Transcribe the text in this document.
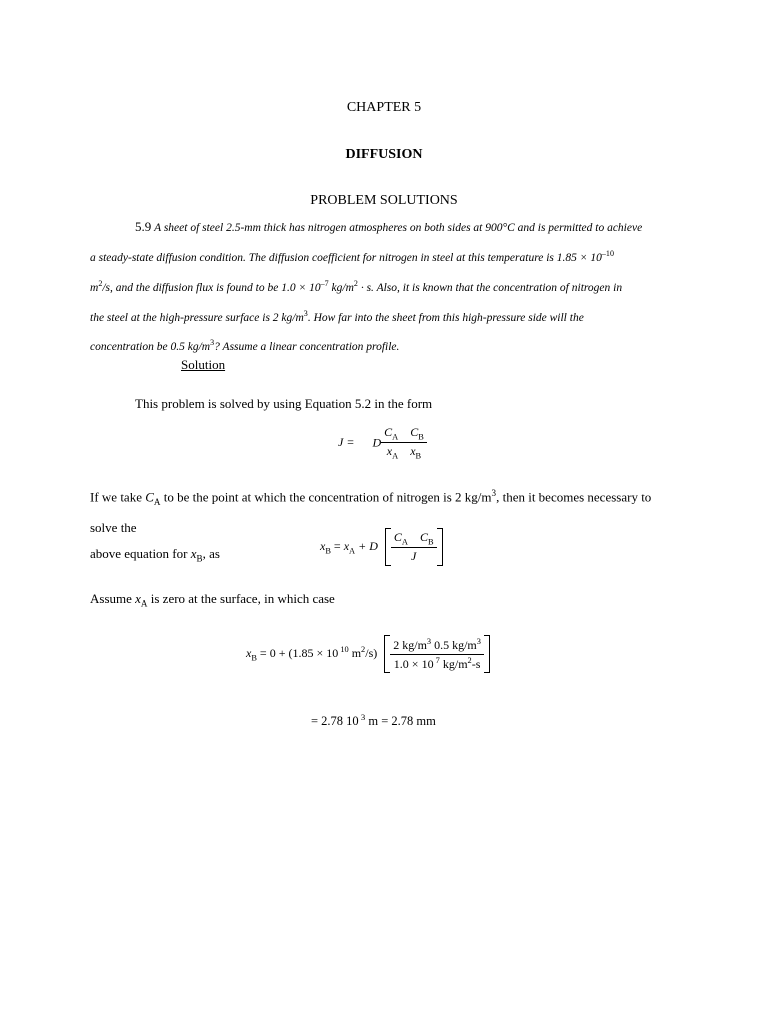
CHAPTER 5
DIFFUSION
PROBLEM SOLUTIONS
5.9 A sheet of steel 2.5-mm thick has nitrogen atmospheres on both sides at 900°C and is permitted to achieve
a steady-state diffusion condition. The diffusion coefficient for nitrogen in steel at this temperature is $1.85 \times 10^{-10}$
$m^2/s$, and the diffusion flux is found to be $1.0 \times 10^{-7}$ $kg/m^2 \cdot s$. Also, it is known that the concentration of nitrogen in
the steel at the high-pressure surface is 2 $kg/m^3$. How far into the sheet from this high-pressure side will the
concentration be 0.5 $kg/m^3$? Assume a linear concentration profile.
Solution
This problem is solved by using Equation 5.2 in the form
J = D $\frac{C_A C_B}{x_A x_B}$
If we take $C_A$ to be the point at which the concentration of nitrogen is 2 $kg/m^3$, then it becomes necessary to solve the
above equation for $x_B$, as
$x_B = x_A + D \frac{C_A C_B}{J}$
Assume $x_A$ is zero at the surface, in which case
$x_B = 0 + (1.85 \times 10$ $^{10}$ $m^2/s) \frac{2 kg/m^3 0.5 kg/m^3}{1.0 \times 10 ^7 kg/m^2-s}$
= 2.78 10 $^3$ m = 2.78 mm
